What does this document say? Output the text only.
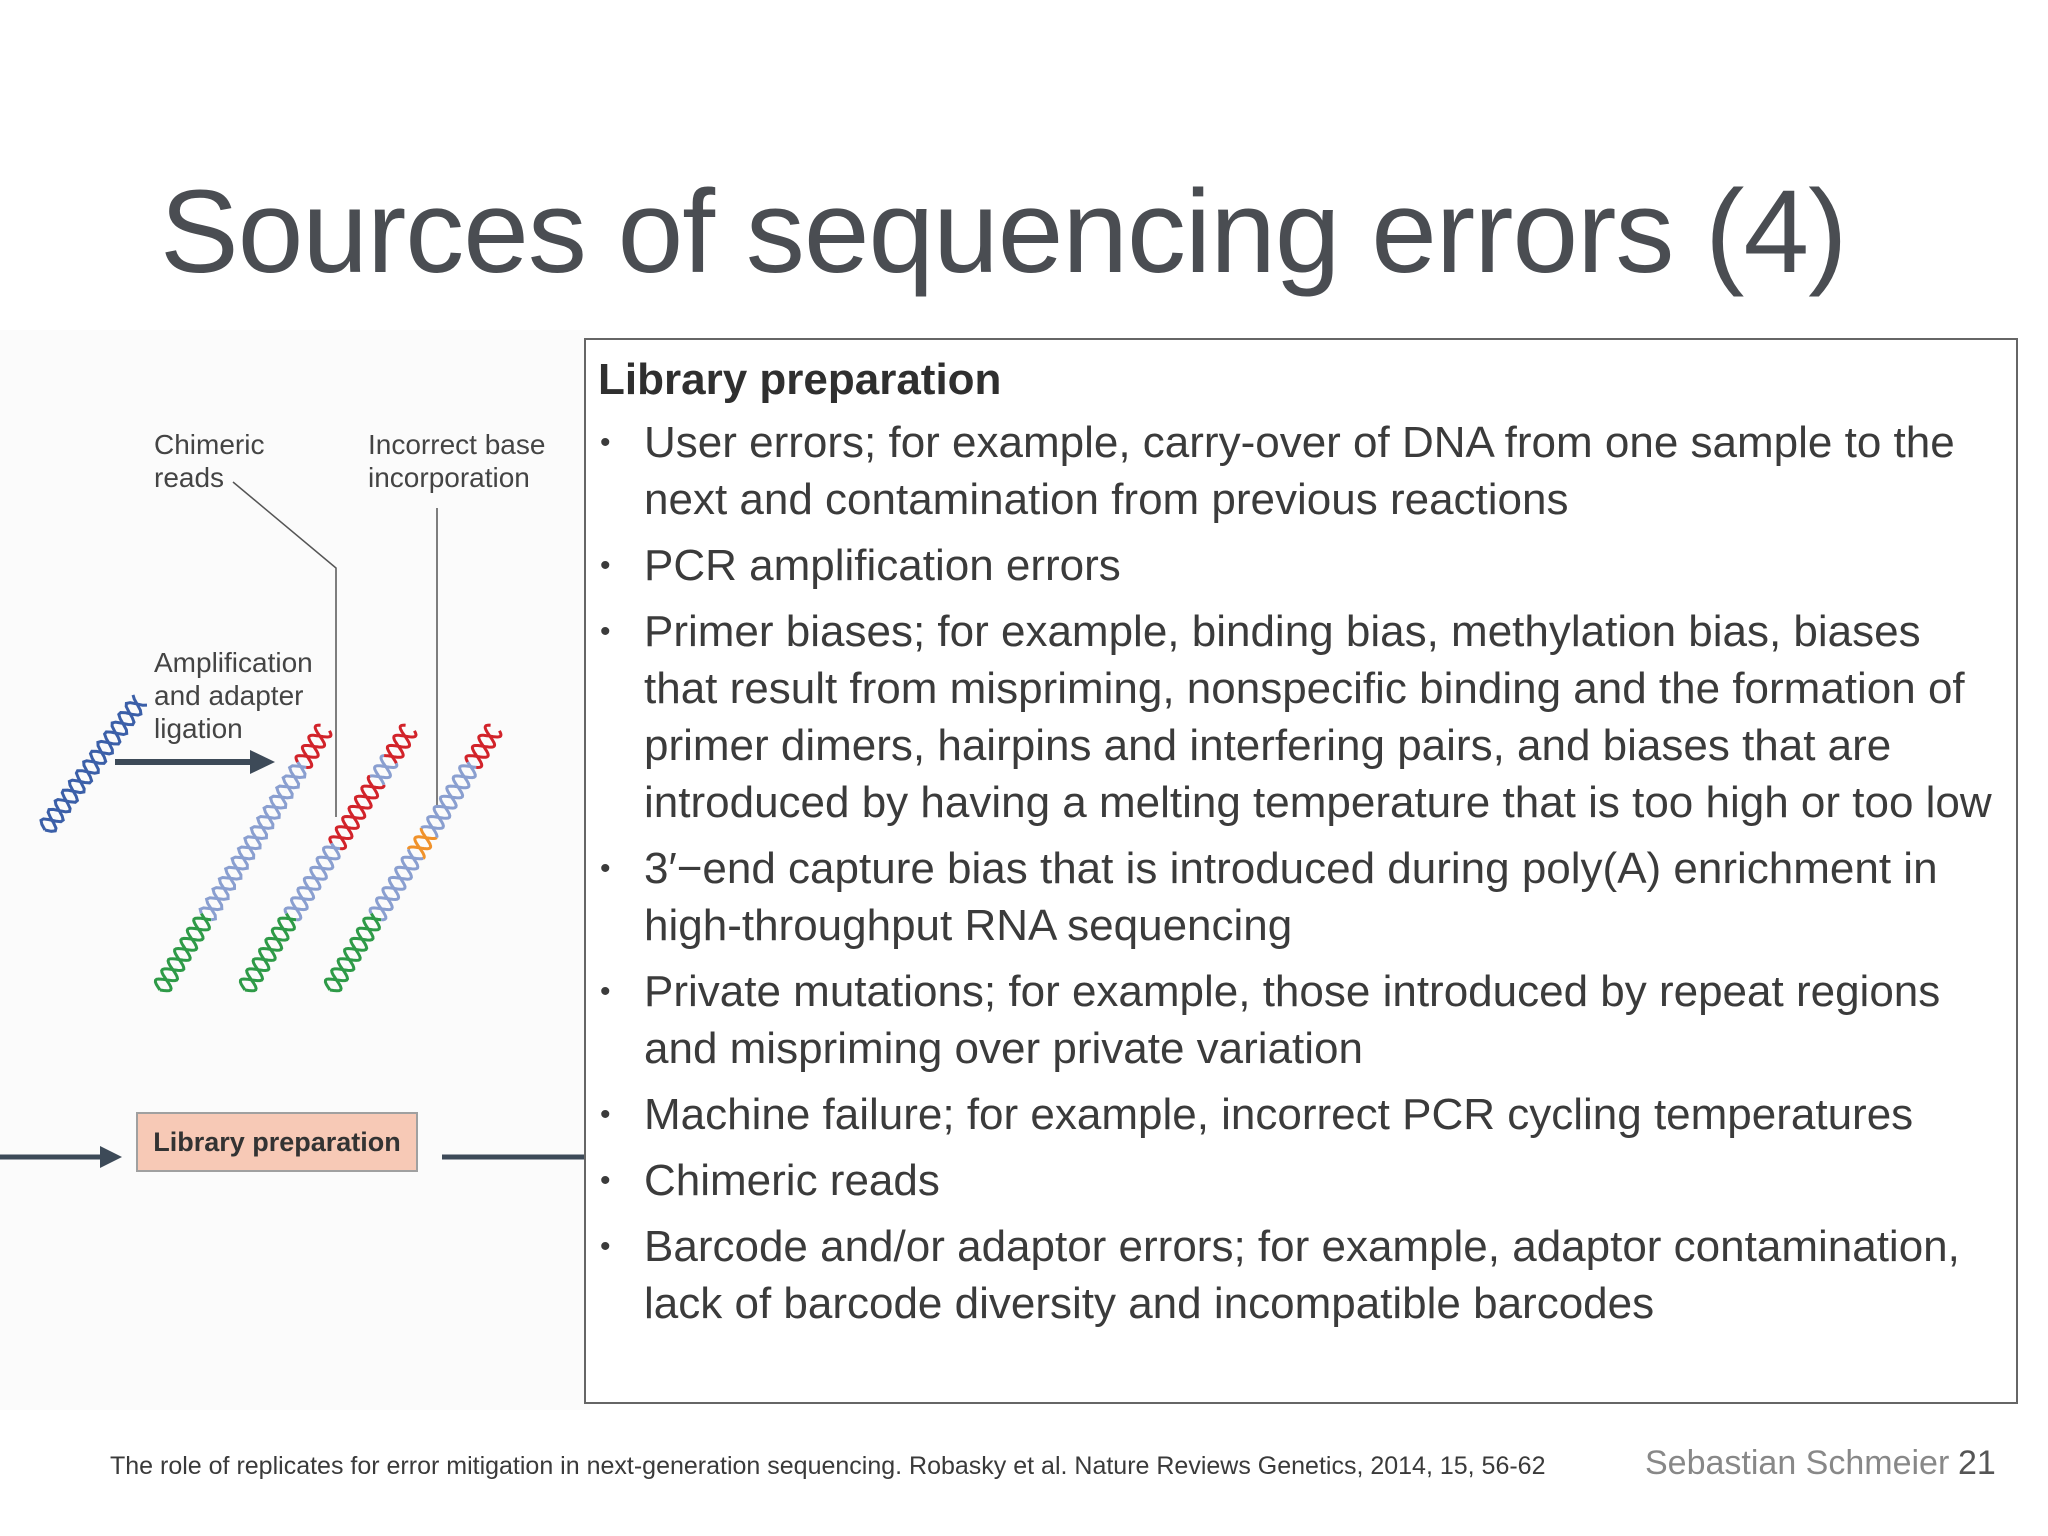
Sources of sequencing errors (4)
Chimeric
reads
Incorrect base
incorporation
Amplification
and adapter
ligation
Library preparation
Library preparation
• User errors; for example, carry-over of DNA from one sample to the next and contamination from previous reactions
• PCR amplification errors
• Primer biases; for example, binding bias, methylation bias, biases that result from mispriming, nonspecific binding and the formation of primer dimers, hairpins and interfering pairs, and biases that are introduced by having a melting temperature that is too high or too low
• 3′−end capture bias that is introduced during poly(A) enrichment in high-throughput RNA sequencing
• Private mutations; for example, those introduced by repeat regions and mispriming over private variation
• Machine failure; for example, incorrect PCR cycling temperatures
• Chimeric reads
• Barcode and/or adaptor errors; for example, adaptor contamination, lack of barcode diversity and incompatible barcodes
The role of replicates for error mitigation in next-generation sequencing. Robasky et al. Nature Reviews Genetics, 2014, 15, 56-62	Sebastian Schmeier 21
